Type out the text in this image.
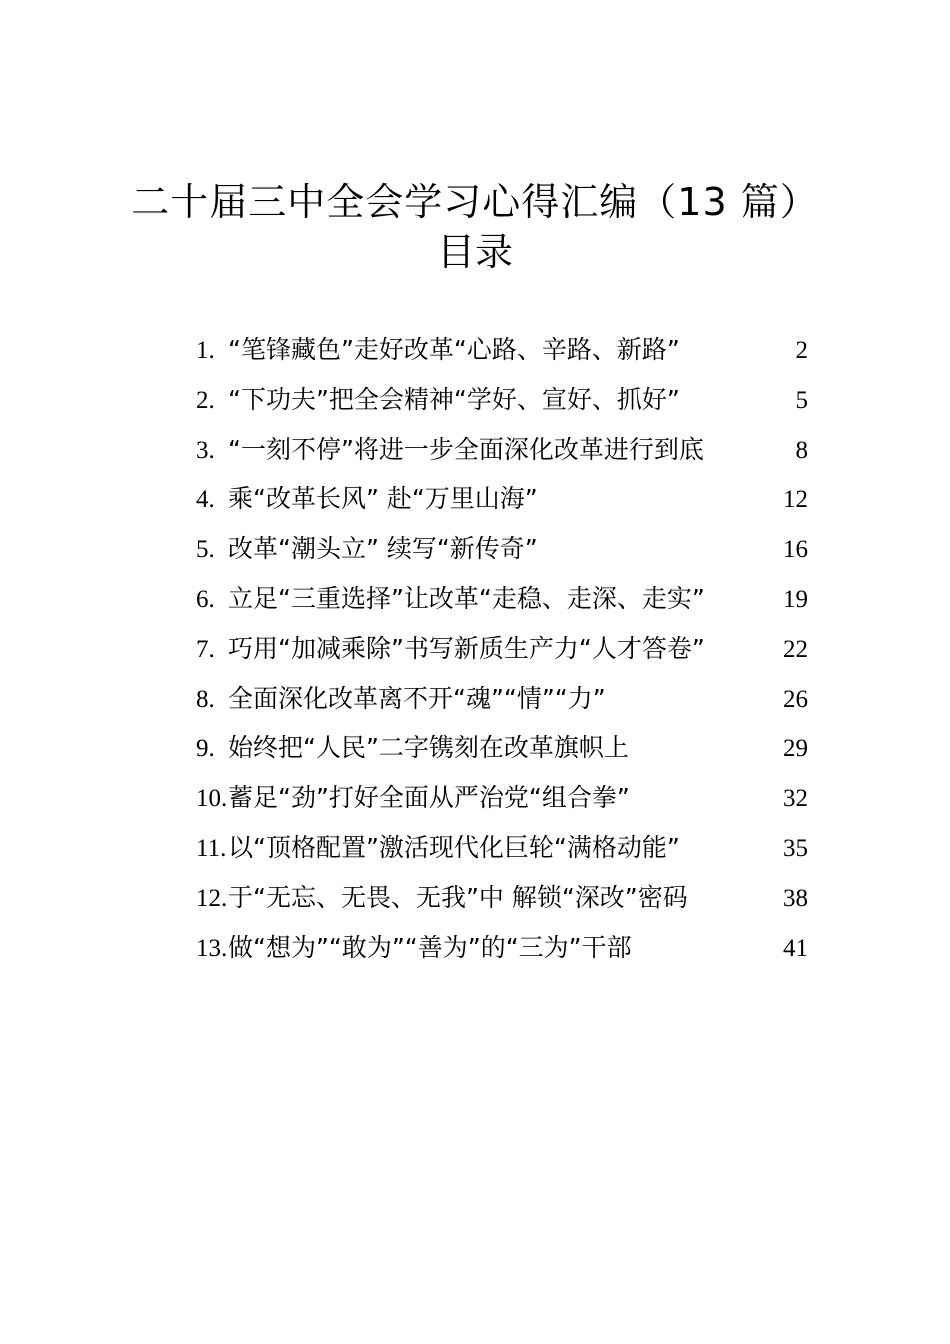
二十届三中全会学习心得汇编（13 篇）
目录
1. “笔锋藏色”走好改革“心路、辛路、新路”	2
2. “下功夫”把全会精神“学好、宣好、抓好”	5
3. “一刻不停”将进一步全面深化改革进行到底	8
4. 乘“改革长风” 赴“万里山海”	12
5. 改革“潮头立” 续写“新传奇”	16
6. 立足“三重选择”让改革“走稳、走深、走实”	19
7. 巧用“加减乘除”书写新质生产力“人才答卷”	22
8. 全面深化改革离不开“魂”“情”“力”	26
9. 始终把“人民”二字镌刻在改革旗帜上	29
10. 蓄足“劲”打好全面从严治党“组合拳”	32
11. 以“顶格配置”激活现代化巨轮“满格动能”	35
12. 于“无忘、无畏、无我”中 解锁“深改”密码	38
13. 做“想为”“敢为”“善为”的“三为”干部	41
